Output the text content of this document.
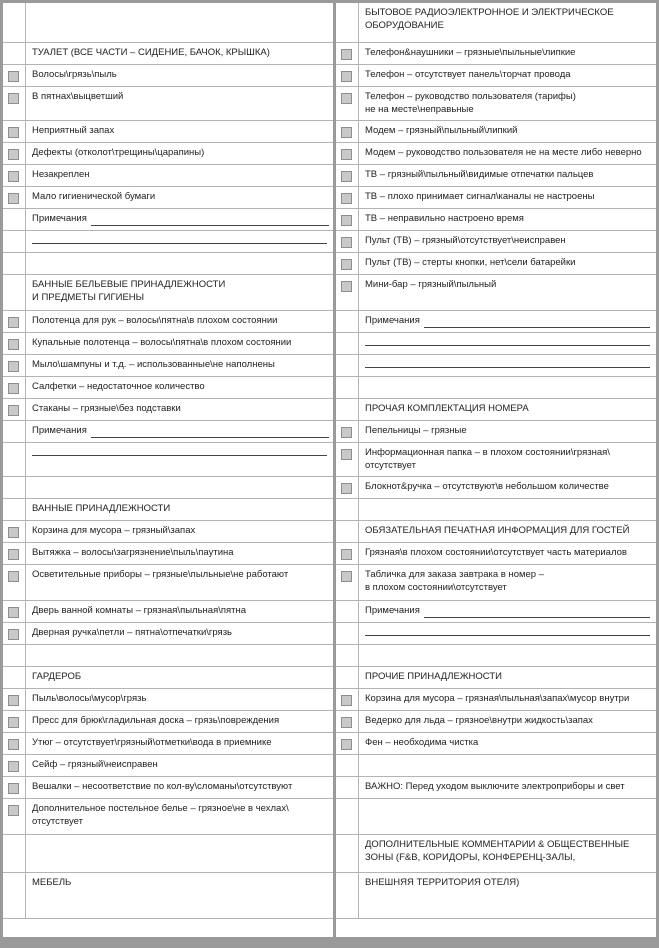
ТУАЛЕТ (ВСЕ ЧАСТИ – СИДЕНИЕ, БАЧОК, КРЫШКА)
Волосы\грязь\пыль
В пятнах\выцветший
Неприятный запах
Дефекты (отколот\трещины\царапины)
Незакреплен
Мало гигиенической бумаги
Примечания
БАННЫЕ БЕЛЬЕВЫЕ ПРИНАДЛЕЖНОСТИ
И ПРЕДМЕТЫ ГИГИЕНЫ
Полотенца для рук – волосы\пятна\в плохом состоянии
Купальные полотенца – волосы\пятна\в плохом состоянии
Мыло\шампуны и т.д. – использованные\не наполнены
Салфетки – недостаточное количество
Стаканы – грязные\без подставки
Примечания
ВАННЫЕ ПРИНАДЛЕЖНОСТИ
Корзина для мусора – грязный\запах
Вытяжка – волосы\загрязнение\пыль\паутина
Осветительные приборы – грязные\пыльные\не работают
Дверь ванной комнаты – грязная\пыльная\пятна
Дверная ручка\петли – пятна\отпечатки\грязь
ГАРДЕРОБ
Пыль\волосы\мусор\грязь
Пресс для брюк\гладильная доска – грязь\повреждения
Утюг – отсутствует\грязный\отметки\вода в приемнике
Сейф – грязный\неисправен
Вешалки – несоответствие по кол-ву\сломаны\отсутствуют
Дополнительное постельное белье – грязное\не в чехлах\
отсутствует
МЕБЕЛЬ
БЫТОВОЕ РАДИОЭЛЕКТРОННОЕ И ЭЛЕКТРИЧЕСКОЕ
ОБОРУДОВАНИЕ
Телефон&наушники – грязные\пыльные\липкие
Телефон – отсутствует панель\торчат провода
Телефон – руководство пользователя (тарифы)
не на месте\неправьные
Модем – грязный\пыльный\липкий
Модем – руководство пользователя не на месте либо неверно
ТВ – грязный\пыльный\видимые отпечатки пальцев
ТВ – плохо принимает сигнал\каналы не настроены
ТВ – неправильно настроено время
Пульт (ТВ) – грязный\отсутствует\неисправен
Пульт (ТВ) – стерты кнопки, нет\сели батарейки
Мини-бар – грязный\пыльный
Примечания
ПРОЧАЯ КОМПЛЕКТАЦИЯ НОМЕРА
Пепельницы – грязные
Информационная папка – в плохом состоянии\грязная\
отсутствует
Блокнот&ручка – отсутствуют\в небольшом количестве
ОБЯЗАТЕЛЬНАЯ ПЕЧАТНАЯ ИНФОРМАЦИЯ ДЛЯ ГОСТЕЙ
Грязная\в плохом состоянии\отсутствует часть материалов
Табличка для заказа завтрака в номер –
в плохом состоянии\отсутствует
Примечания
ПРОЧИЕ ПРИНАДЛЕЖНОСТИ
Корзина для мусора – грязная\пыльная\запах\мусор внутри
Ведерко для льда – грязное\внутри жидкость\запах
Фен – необходима чистка
ВАЖНО: Перед уходом выключите электроприборы и свет
ДОПОЛНИТЕЛЬНЫЕ КОММЕНТАРИИ & ОБЩЕСТВЕННЫЕ
ЗОНЫ (F&B, КОРИДОРЫ, КОНФЕРЕНЦ-ЗАЛЫ,
ВНЕШНЯЯ ТЕРРИТОРИЯ ОТЕЛЯ)
